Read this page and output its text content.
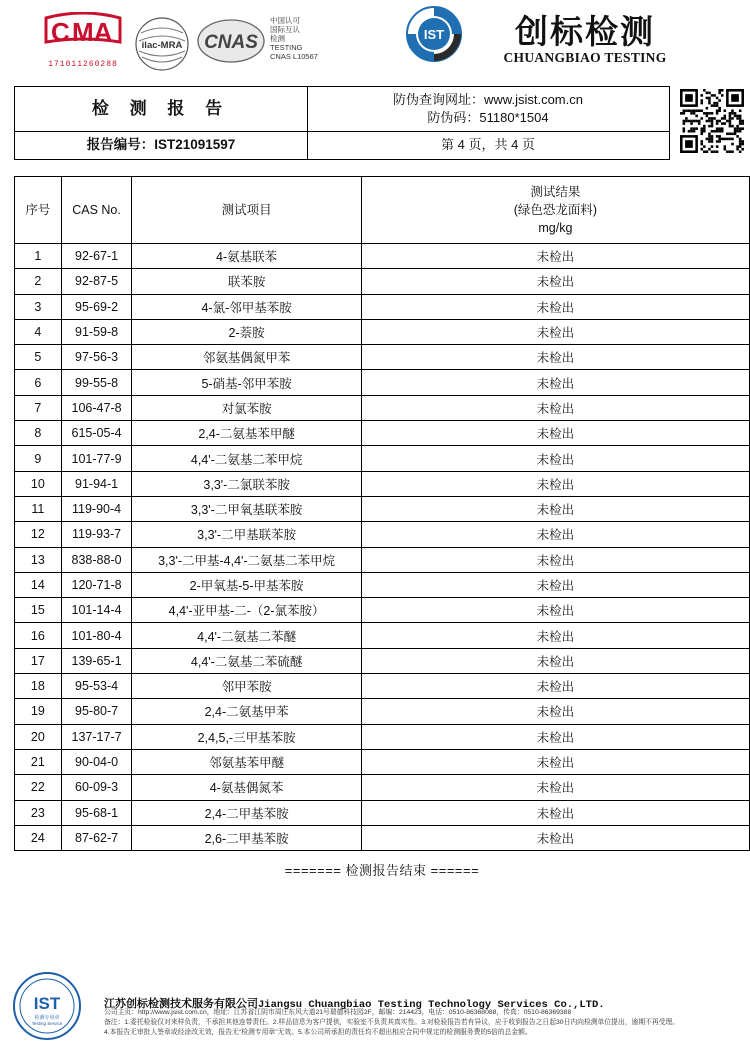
C MA
171011260288
ilac-MRA CNAS
中国认可
国际互认
检测
TESTING
CNAS L10567
IST	创标检测
CHUANGBIAO TESTING
检 测 报 告	防伪查询网址：www.jsist.com.cn
防伪码：51180*1504
报告编号：IST21091597	第 4 页，共 4 页
序号	CAS No.	测试项目	测试结果
(绿色恐龙面料)
mg/kg

1	92-67-1	4-氨基联苯	未检出
2	92-87-5	联苯胺	未检出
3	95-69-2	4-氯-邻甲基苯胺	未检出
4	91-59-8	2-萘胺	未检出
5	97-56-3	邻氨基偶氮甲苯	未检出
6	99-55-8	5-硝基-邻甲苯胺	未检出
7	106-47-8	对氯苯胺	未检出
8	615-05-4	2,4-二氨基苯甲醚	未检出
9	101-77-9	4,4'-二氨基二苯甲烷	未检出
10	91-94-1	3,3'-二氯联苯胺	未检出
11	119-90-4	3,3'-二甲氧基联苯胺	未检出
12	119-93-7	3,3'-二甲基联苯胺	未检出
13	838-88-0	3,3'-二甲基-4,4'-二氨基二苯甲烷	未检出
14	120-71-8	2-甲氧基-5-甲基苯胺	未检出
15	101-14-4	4,4'-亚甲基-二-（2-氯苯胺）	未检出
16	101-80-4	4,4'-二氨基二苯醚	未检出
17	139-65-1	4,4'-二氨基二苯硫醚	未检出
18	95-53-4	邻甲苯胺	未检出
19	95-80-7	2,4-二氨基甲苯	未检出
20	137-17-7	2,4,5,-三甲基苯胺	未检出
21	90-04-0	邻氨基苯甲醚	未检出
22	60-09-3	4-氨基偶氮苯	未检出
23	95-68-1	2,4-二甲基苯胺	未检出
24	87-62-7	2,6-二甲基苯胺	未检出
======= 检测报告结束 ======
IST
检测专用章
Testing Service
江苏创标检测技术服务有限公司Jiangsu Chuangbiao Testing Technology Services Co.,LTD.
公司主页：http://www.jsist.com.cn，地址：江苏省江阴市周庄东风大道21号瑞德科技园2F，邮编：214423，电话：0510-86368088，传真：0510-86369388
备注：1.委托检验仅对来样负责，不承担其他连带责任。2.样品信息为客户提供，实验室不负责其真实性。3.对检验报告若有异议，应于收到报告之日起30日内向检测单位提出，逾期不再受理。
4.本报告无审批人签章或经涂改无效，报告无"检测专用章"无效。5.本公司所承担的责任均不超出相应合同中规定的检测服务费的5倍的总金额。
